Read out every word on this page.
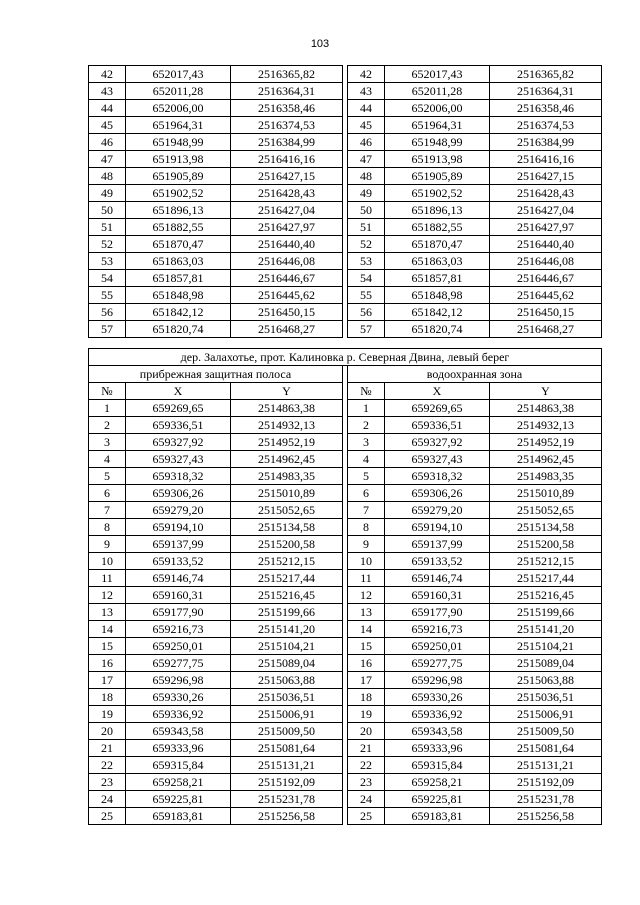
103
42	652017,43	2516365,82		42	652017,43	2516365,82
43	652011,28	2516364,31		43	652011,28	2516364,31
44	652006,00	2516358,46		44	652006,00	2516358,46
45	651964,31	2516374,53		45	651964,31	2516374,53
46	651948,99	2516384,99		46	651948,99	2516384,99
47	651913,98	2516416,16		47	651913,98	2516416,16
48	651905,89	2516427,15		48	651905,89	2516427,15
49	651902,52	2516428,43		49	651902,52	2516428,43
50	651896,13	2516427,04		50	651896,13	2516427,04
51	651882,55	2516427,97		51	651882,55	2516427,97
52	651870,47	2516440,40		52	651870,47	2516440,40
53	651863,03	2516446,08		53	651863,03	2516446,08
54	651857,81	2516446,67		54	651857,81	2516446,67
55	651848,98	2516445,62		55	651848,98	2516445,62
56	651842,12	2516450,15		56	651842,12	2516450,15
57	651820,74	2516468,27		57	651820,74	2516468,27
дер. Залахотье, прот. Калиновка р. Северная Двина, левый берег						
прибрежная защитная полоса				водоохранная зона		
№	X	Y		№	X	Y
1	659269,65	2514863,38		1	659269,65	2514863,38
2	659336,51	2514932,13		2	659336,51	2514932,13
3	659327,92	2514952,19		3	659327,92	2514952,19
4	659327,43	2514962,45		4	659327,43	2514962,45
5	659318,32	2514983,35		5	659318,32	2514983,35
6	659306,26	2515010,89		6	659306,26	2515010,89
7	659279,20	2515052,65		7	659279,20	2515052,65
8	659194,10	2515134,58		8	659194,10	2515134,58
9	659137,99	2515200,58		9	659137,99	2515200,58
10	659133,52	2515212,15		10	659133,52	2515212,15
11	659146,74	2515217,44		11	659146,74	2515217,44
12	659160,31	2515216,45		12	659160,31	2515216,45
13	659177,90	2515199,66		13	659177,90	2515199,66
14	659216,73	2515141,20		14	659216,73	2515141,20
15	659250,01	2515104,21		15	659250,01	2515104,21
16	659277,75	2515089,04		16	659277,75	2515089,04
17	659296,98	2515063,88		17	659296,98	2515063,88
18	659330,26	2515036,51		18	659330,26	2515036,51
19	659336,92	2515006,91		19	659336,92	2515006,91
20	659343,58	2515009,50		20	659343,58	2515009,50
21	659333,96	2515081,64		21	659333,96	2515081,64
22	659315,84	2515131,21		22	659315,84	2515131,21
23	659258,21	2515192,09		23	659258,21	2515192,09
24	659225,81	2515231,78		24	659225,81	2515231,78
25	659183,81	2515256,58		25	659183,81	2515256,58
